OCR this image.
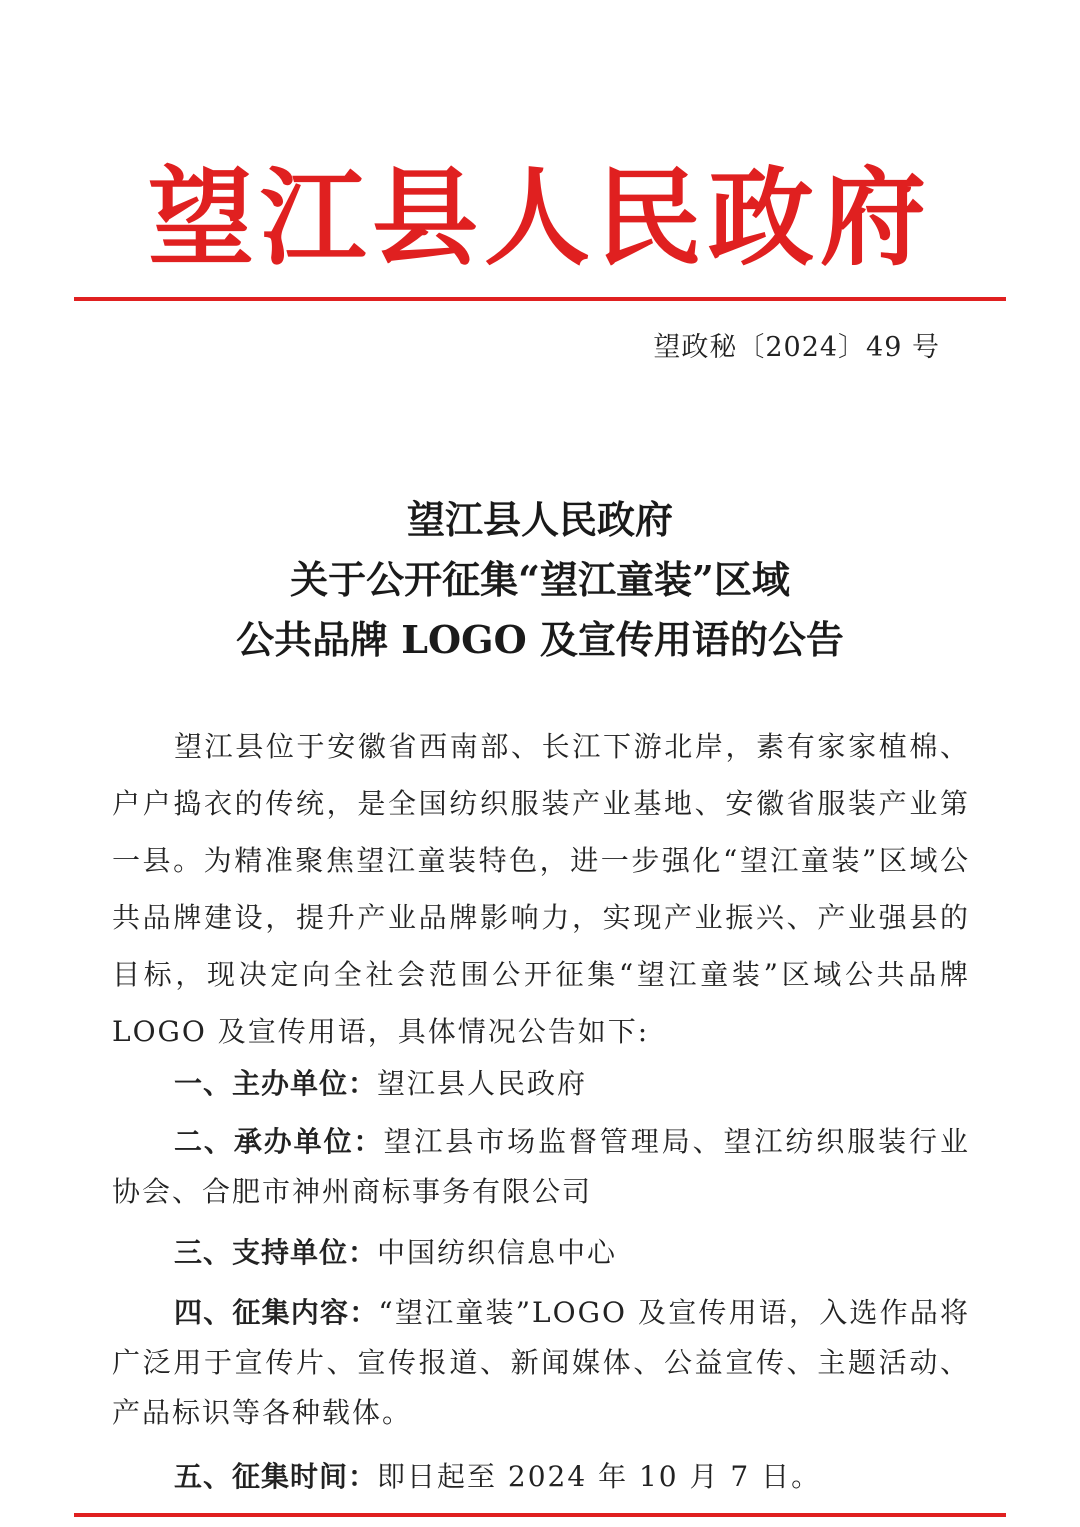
望江县人民政府
望政秘〔2024〕49 号
望江县人民政府
关于公开征集“望江童装”区域
公共品牌 LOGO 及宣传用语的公告
望江县位于安徽省西南部、长江下游北岸，素有家家植棉、户户捣衣的传统，是全国纺织服装产业基地、安徽省服装产业第一县。为精准聚焦望江童装特色，进一步强化“望江童装”区域公共品牌建设，提升产业品牌影响力，实现产业振兴、产业强县的目标，现决定向全社会范围公开征集“望江童装”区域公共品牌LOGO 及宣传用语，具体情况公告如下:
一、主办单位：望江县人民政府
二、承办单位：望江县市场监督管理局、望江纺织服装行业协会、合肥市神州商标事务有限公司
三、支持单位：中国纺织信息中心
四、征集内容：“望江童装”LOGO 及宣传用语，入选作品将广泛用于宣传片、宣传报道、新闻媒体、公益宣传、主题活动、产品标识等各种载体。
五、征集时间：即日起至 2024 年 10 月 7 日。
